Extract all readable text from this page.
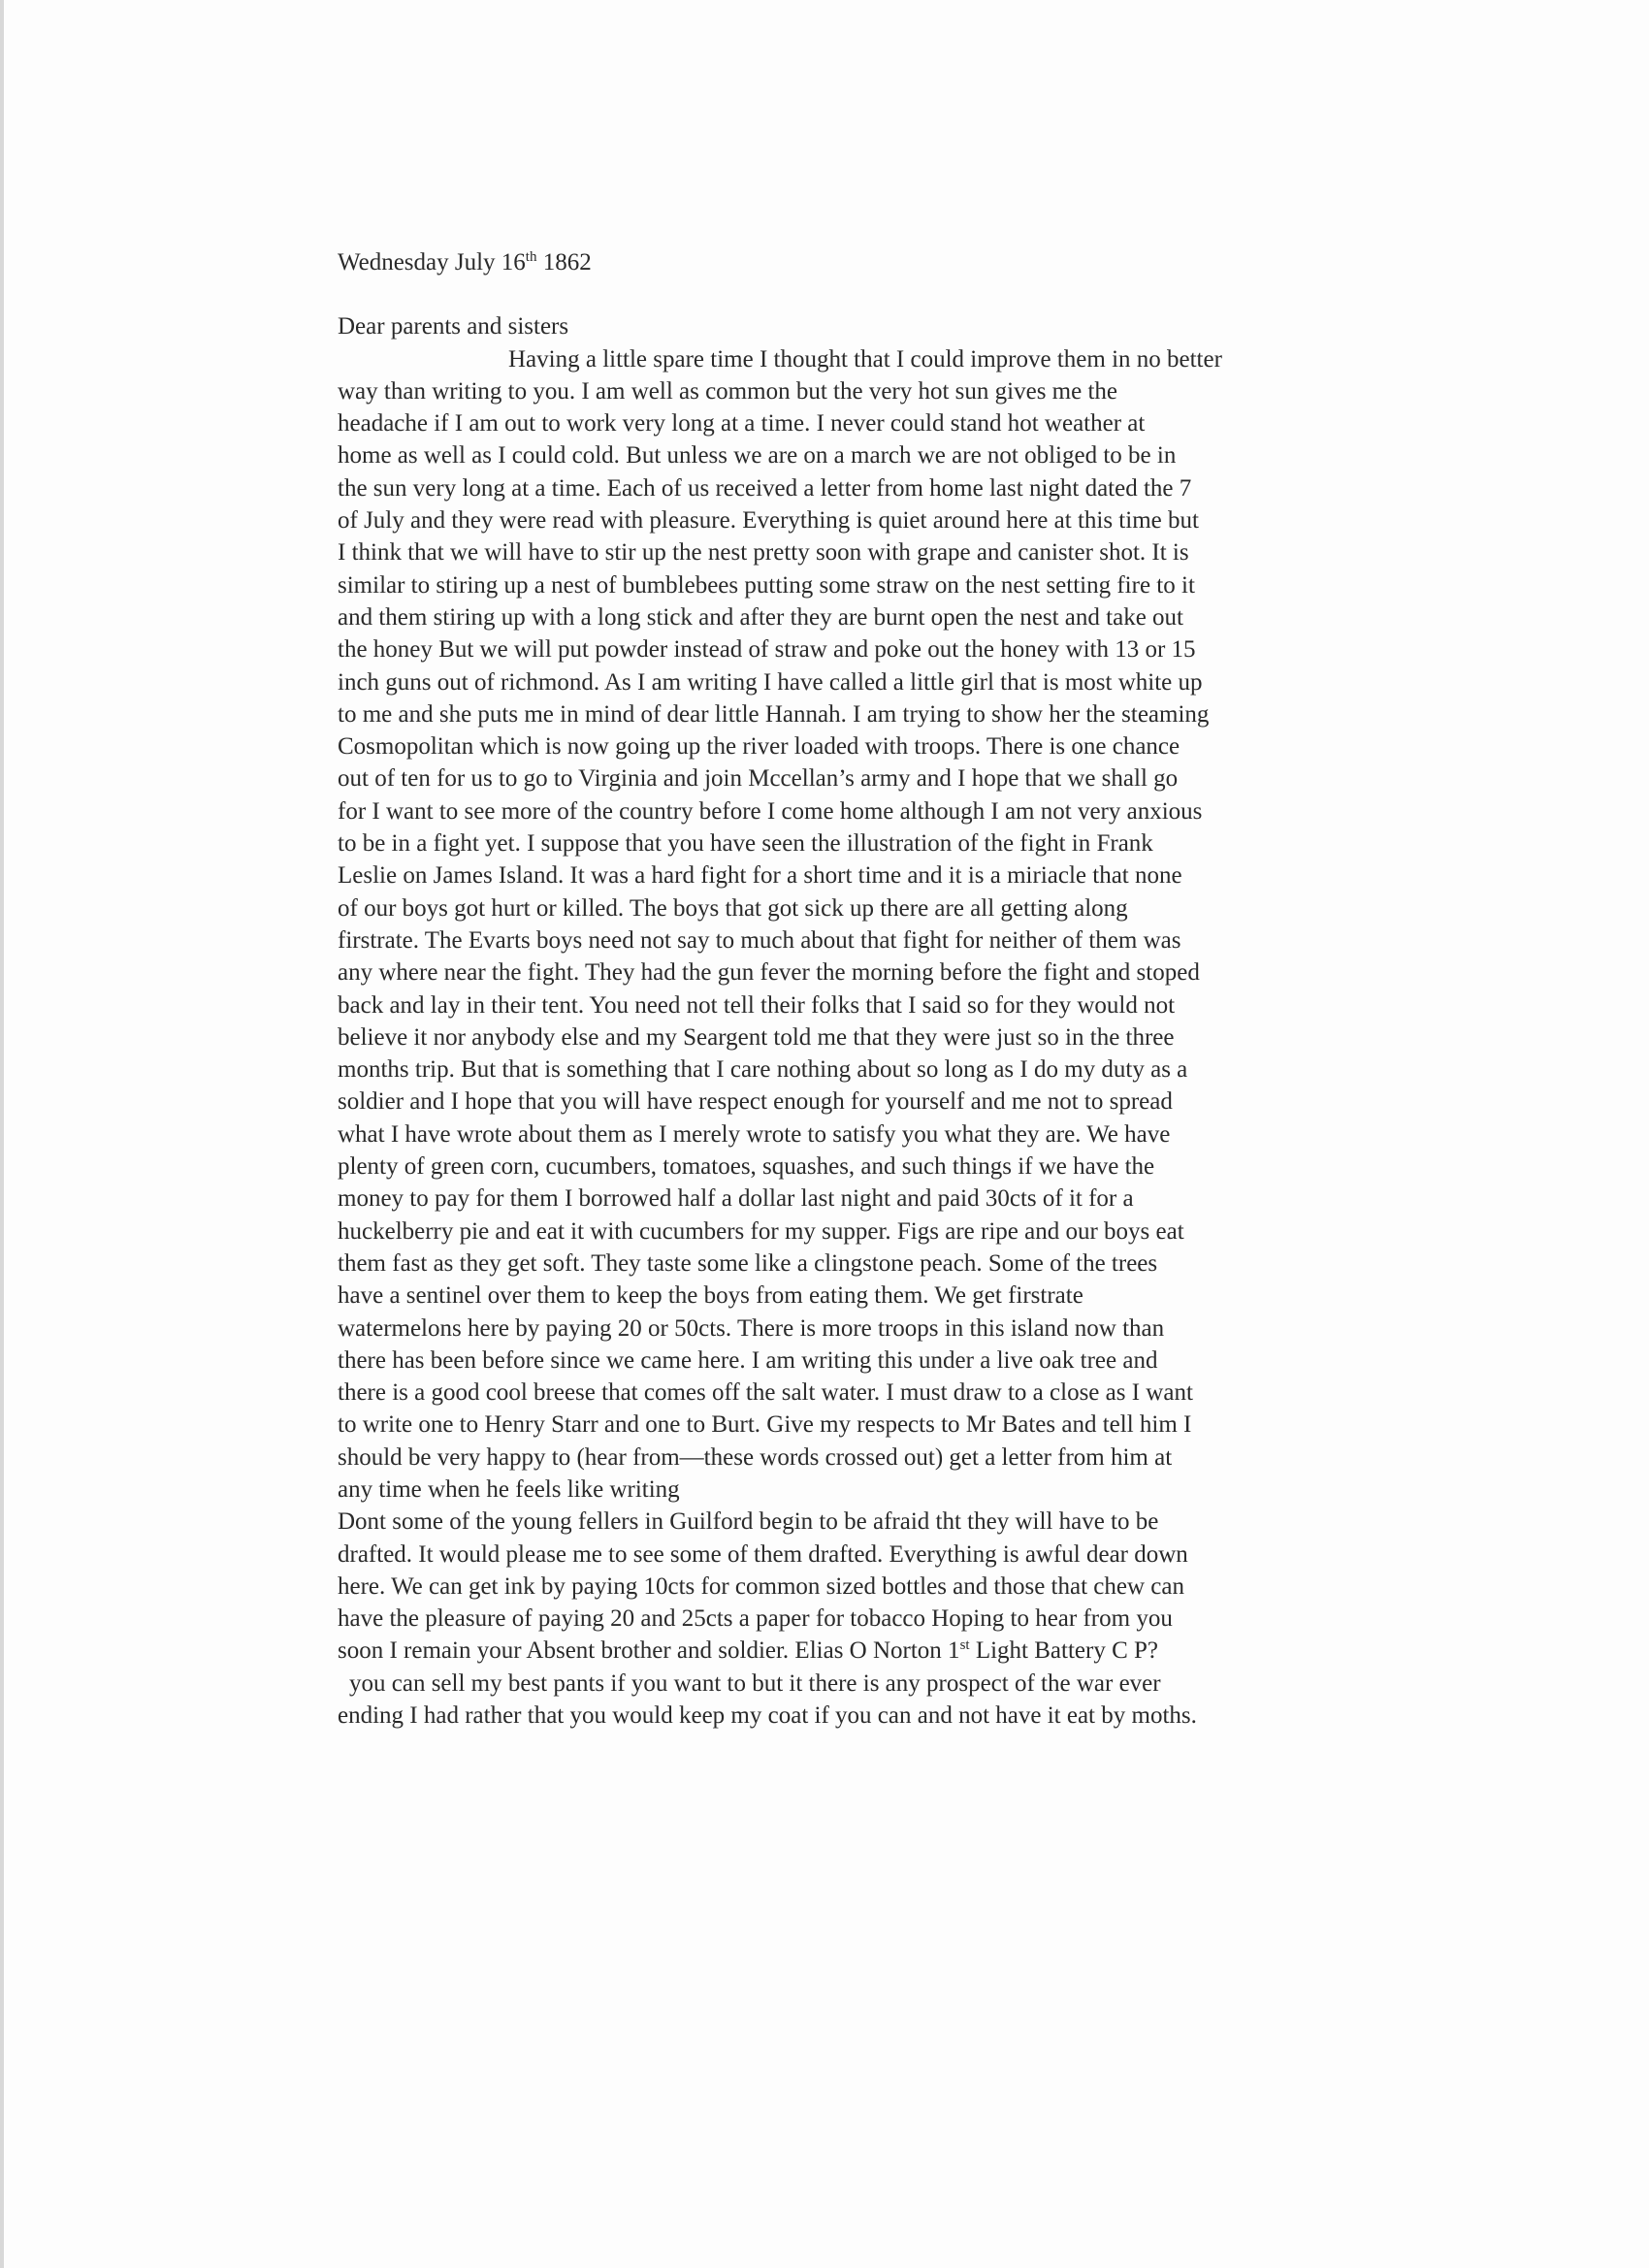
Wednesday July 16th 1862
Dear parents and sisters
Having a little spare time I thought that I could improve them in no better
way than writing to you. I am well as common but the very hot sun gives me the
headache if I am out to work very long at a time. I never could stand hot weather at
home as well as I could cold. But unless we are on a march we are not obliged to be in
the sun very long at a time. Each of us received a letter from home last night dated the 7
of July and they were read with pleasure. Everything is quiet around here at this time but
I think that we will have to stir up the nest pretty soon with grape and canister shot. It is
similar to stiring up a nest of bumblebees putting some straw on the nest setting fire to it
and them stiring up with a long stick and after they are burnt open the nest and take out
the honey But we will put powder instead of straw and poke out the honey with 13 or 15
inch guns out of richmond. As I am writing I have called a little girl that is most white up
to me and she puts me in mind of dear little Hannah. I am trying to show her the steaming
Cosmopolitan which is now going up the river loaded with troops. There is one chance
out of ten for us to go to Virginia and join Mccellan’s army and I hope that we shall go
for I want to see more of the country before I come home although I am not very anxious
to be in a fight yet. I suppose that you have seen the illustration of the fight in Frank
Leslie on James Island. It was a hard fight for a short time and it is a miriacle that none
of our boys got hurt or killed. The boys that got sick up there are all getting along
firstrate. The Evarts boys need not say to much about that fight for neither of them was
any where near the fight. They had the gun fever the morning before the fight and stoped
back and lay in their tent. You need not tell their folks that I said so for they would not
believe it nor anybody else and my Seargent told me that they were just so in the three
months trip. But that is something that I care nothing about so long as I do my duty as a
soldier and I hope that you will have respect enough for yourself and me not to spread
what I have wrote about them as I merely wrote to satisfy you what they are. We have
plenty of green corn, cucumbers, tomatoes, squashes, and such things if we have the
money to pay for them I borrowed half a dollar last night and paid 30cts of it for a
huckelberry pie and eat it with cucumbers for my supper. Figs are ripe and our boys eat
them fast as they get soft. They taste some like a clingstone peach. Some of the trees
have a sentinel over them to keep the boys from eating them. We get firstrate
watermelons here by paying 20 or 50cts. There is more troops in this island now than
there has been before since we came here. I am writing this under a live oak tree and
there is a good cool breese that comes off the salt water. I must draw to a close as I want
to write one to Henry Starr and one to Burt. Give my respects to Mr Bates and tell him I
should be very happy to (hear from—these words crossed out) get a letter from him at
any time when he feels like writing
Dont some of the young fellers in Guilford begin to be afraid tht they will have to be
drafted. It would please me to see some of them drafted. Everything is awful dear down
here. We can get ink by paying 10cts for common sized bottles and those that chew can
have the pleasure of paying 20 and 25cts a paper for tobacco Hoping to hear from you
soon I remain your Absent brother and soldier. Elias O Norton 1st Light Battery C P?
you can sell my best pants if you want to but it there is any prospect of the war ever
ending I had rather that you would keep my coat if you can and not have it eat by moths.
